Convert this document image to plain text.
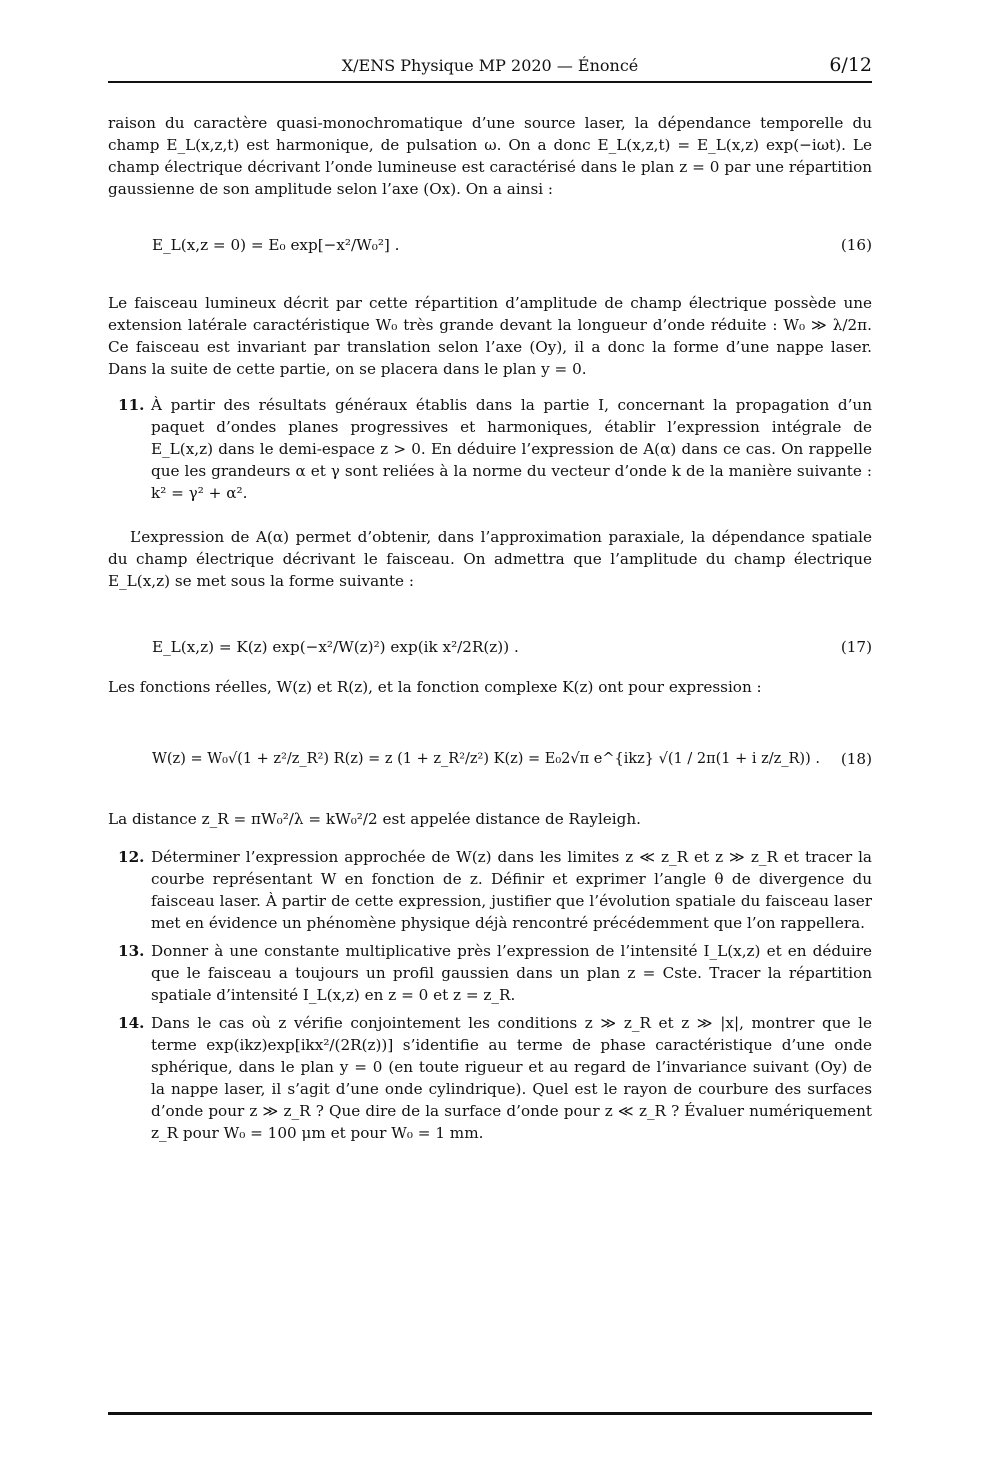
X/ENS Physique MP 2020 — Énoncé	6/12

raison du caractère quasi-monochromatique d’une source laser, la dépendance temporelle du champ E_L(x,z,t) est harmonique, de pulsation ω. On a donc E_L(x,z,t) = E_L(x,z) exp(−iωt). Le champ électrique décrivant l’onde lumineuse est caractérisé dans le plan z = 0 par une répartition gaussienne de son amplitude selon l’axe (Ox). On a ainsi :

E_L(x,z = 0) = E₀ exp[−x²/W₀²] .	(16)

Le faisceau lumineux décrit par cette répartition d’amplitude de champ électrique possède une extension latérale caractéristique W₀ très grande devant la longueur d’onde réduite : W₀ ≫ λ/2π. Ce faisceau est invariant par translation selon l’axe (Oy), il a donc la forme d’une nappe laser. Dans la suite de cette partie, on se placera dans le plan y = 0.

11. À partir des résultats généraux établis dans la partie I, concernant la propagation d’un paquet d’ondes planes progressives et harmoniques, établir l’expression intégrale de E_L(x,z) dans le demi-espace z > 0. En déduire l’expression de A(α) dans ce cas. On rappelle que les grandeurs α et γ sont reliées à la norme du vecteur d’onde k de la manière suivante : k² = γ² + α².

L’expression de A(α) permet d’obtenir, dans l’approximation paraxiale, la dépendance spatiale du champ électrique décrivant le faisceau. On admettra que l’amplitude du champ électrique E_L(x,z) se met sous la forme suivante :

E_L(x,z) = K(z) exp(−x²/W(z)²) exp(ik x²/2R(z)) .	(17)

Les fonctions réelles, W(z) et R(z), et la fonction complexe K(z) ont pour expression :

W(z) = W₀√(1 + z²/z_R²) R(z) = z (1 + z_R²/z²) K(z) = E₀2√π e^{ikz} √(1 / 2π(1 + i z/z_R)) . (18)

La distance z_R = πW₀²/λ = kW₀²/2 est appelée distance de Rayleigh.

12. Déterminer l’expression approchée de W(z) dans les limites z ≪ z_R et z ≫ z_R et tracer la courbe représentant W en fonction de z. Définir et exprimer l’angle θ de divergence du faisceau laser. À partir de cette expression, justifier que l’évolution spatiale du faisceau laser met en évidence un phénomène physique déjà rencontré précédemment que l’on rappellera.
13. Donner à une constante multiplicative près l’expression de l’intensité I_L(x,z) et en déduire que le faisceau a toujours un profil gaussien dans un plan z = Cste. Tracer la répartition spatiale d’intensité I_L(x,z) en z = 0 et z = z_R.
14. Dans le cas où z vérifie conjointement les conditions z ≫ z_R et z ≫ |x|, montrer que le terme exp(ikz)exp[ikx²/(2R(z))] s’identifie au terme de phase caractéristique d’une onde sphérique, dans le plan y = 0 (en toute rigueur et au regard de l’invariance suivant (Oy) de la nappe laser, il s’agit d’une onde cylindrique). Quel est le rayon de courbure des surfaces d’onde pour z ≫ z_R ? Que dire de la surface d’onde pour z ≪ z_R ? Évaluer numériquement z_R pour W₀ = 100 μm et pour W₀ = 1 mm.
